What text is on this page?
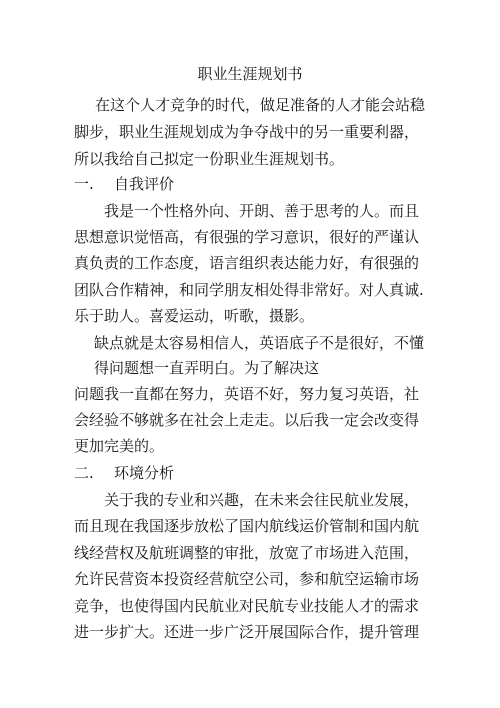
职业生涯规划书
在这个人才竞争的时代，做足准备的人才能会站稳
脚步，职业生涯规划成为争夺战中的另一重要利器，
所以我给自己拟定一份职业生涯规划书。
一. 自我评价
我是一个性格外向、开朗、善于思考的人。而且
思想意识觉悟高，有很强的学习意识，很好的严谨认
真负责的工作态度，语言组织表达能力好，有很强的
团队合作精神，和同学朋友相处得非常好。对人真诚.
乐于助人。喜爱运动，听歌，摄影。
缺点就是太容易相信人，英语底子不是很好，不懂
得问题想一直弄明白。为了解决这
问题我一直都在努力，英语不好，努力复习英语，社
会经验不够就多在社会上走走。以后我一定会改变得
更加完美的。
二. 环境分析
关于我的专业和兴趣，在未来会往民航业发展，
而且现在我国逐步放松了国内航线运价管制和国内航
线经营权及航班调整的审批，放宽了市场进入范围，
允许民营资本投资经营航空公司，参和航空运输市场
竞争，也使得国内民航业对民航专业技能人才的需求
进一步扩大。还进一步广泛开展国际合作，提升管理
